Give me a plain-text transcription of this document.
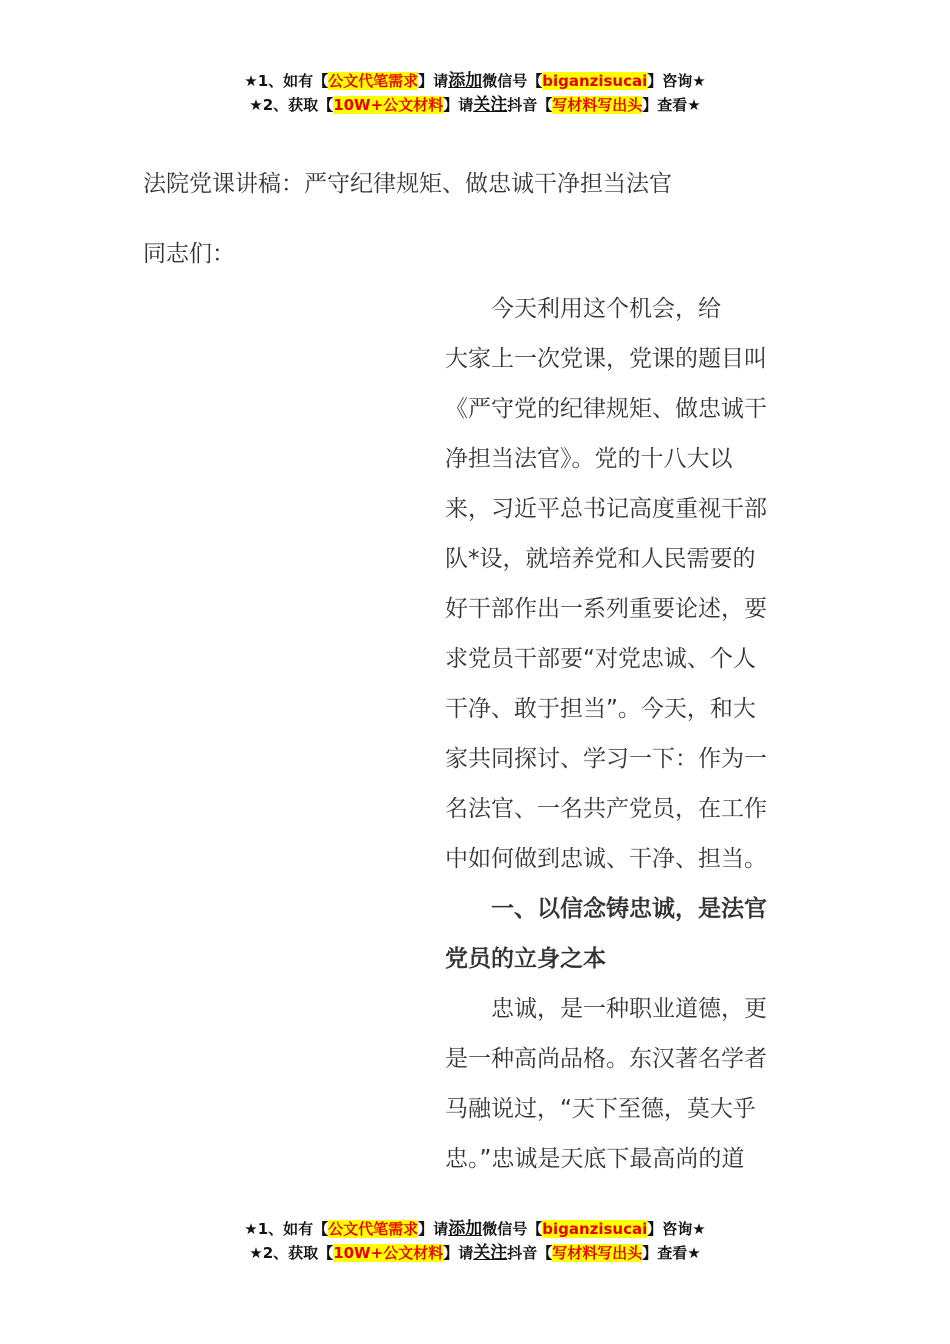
★1、如有【公文代笔需求】请添加微信号【biganzisucai】咨询★
★2、获取【10W+公文材料】请关注抖音【写材料写出头】查看★
法院党课讲稿：严守纪律规矩、做忠诚干净担当法官
同志们：
　　今天利用这个机会，给
大家上一次党课，党课的题目叫
《严守党的纪律规矩、做忠诚干
净担当法官》。党的十八大以
来，习近平总书记高度重视干部
队*设，就培养党和人民需要的
好干部作出一系列重要论述，要
求党员干部要“对党忠诚、个人
干净、敢于担当”。今天，和大
家共同探讨、学习一下：作为一
名法官、一名共产党员，在工作
中如何做到忠诚、干净、担当。
　　一、以信念铸忠诚，是法官
党员的立身之本
　　忠诚，是一种职业道德，更
是一种高尚品格。东汉著名学者
马融说过，“天下至德，莫大乎
忠。”忠诚是天底下最高尚的道
★1、如有【公文代笔需求】请添加微信号【biganzisucai】咨询★
★2、获取【10W+公文材料】请关注抖音【写材料写出头】查看★
